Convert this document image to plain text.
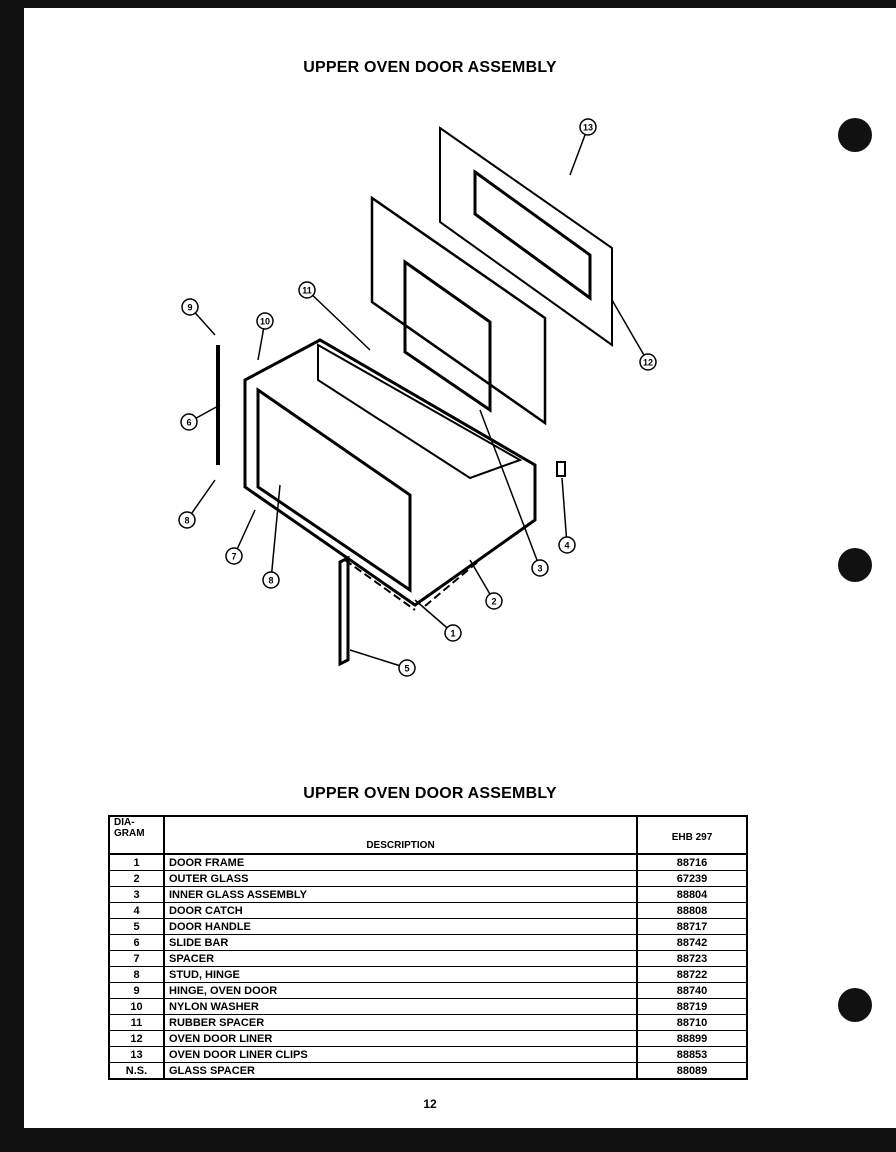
UPPER OVEN DOOR ASSEMBLY
13
12
11
10
9
6
8
7
8
5
1
2
3
4
UPPER OVEN DOOR ASSEMBLY
DIA-GRAM	DESCRIPTION	EHB 297
1	DOOR FRAME	88716
2	OUTER GLASS	67239
3	INNER GLASS ASSEMBLY	88804
4	DOOR CATCH	88808
5	DOOR HANDLE	88717
6	SLIDE BAR	88742
7	SPACER	88723
8	STUD, HINGE	88722
9	HINGE, OVEN DOOR	88740
10	NYLON WASHER	88719
11	RUBBER SPACER	88710
12	OVEN DOOR LINER	88899
13	OVEN DOOR LINER CLIPS	88853
N.S.	GLASS SPACER	88089
12
